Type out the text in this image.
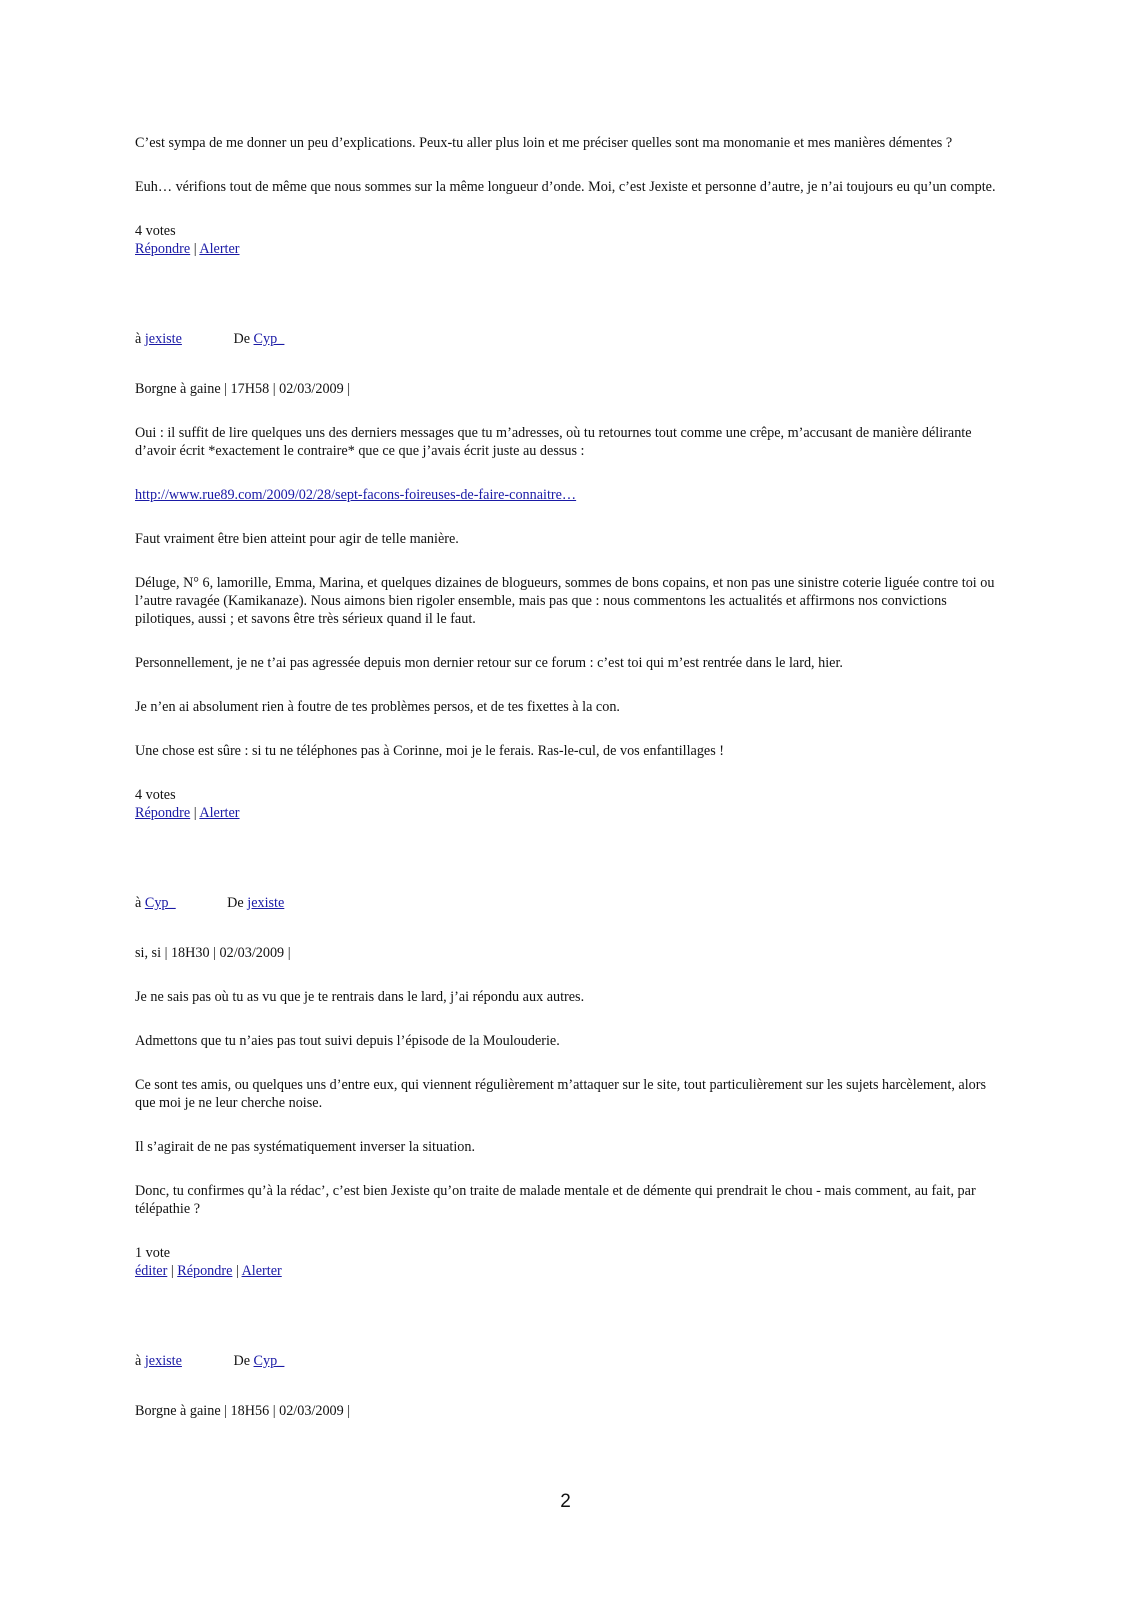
C’est sympa de me donner un peu d’explications. Peux-tu aller plus loin et me préciser quelles sont ma monomanie et mes manières démentes ?

Euh… vérifions tout de même que nous sommes sur la même longueur d’onde. Moi, c’est Jexiste et personne d’autre, je n’ai toujours eu qu’un compte.

4 votes
Répondre | Alerter
à jexiste	De Cyp_
Borgne à gaine | 17H58 | 02/03/2009 |

Oui : il suffit de lire quelques uns des derniers messages que tu m’adresses, où tu retournes tout comme une crêpe, m’accusant de manière délirante d’avoir écrit *exactement le contraire* que ce que j’avais écrit juste au dessus :

http://www.rue89.com/2009/02/28/sept-facons-foireuses-de-faire-connaitre…

Faut vraiment être bien atteint pour agir de telle manière.

Déluge, N° 6, lamorille, Emma, Marina, et quelques dizaines de blogueurs, sommes de bons copains, et non pas une sinistre coterie liguée contre toi ou l’autre ravagée (Kamikanaze). Nous aimons bien rigoler ensemble, mais pas que : nous commentons les actualités et affirmons nos convictions pilotiques, aussi ; et savons être très sérieux quand il le faut.

Personnellement, je ne t’ai pas agressée depuis mon dernier retour sur ce forum : c’est toi qui m’est rentrée dans le lard, hier.

Je n’en ai absolument rien à foutre de tes problèmes persos, et de tes fixettes à la con.

Une chose est sûre : si tu ne téléphones pas à Corinne, moi je le ferais. Ras-le-cul, de vos enfantillages !

4 votes
Répondre | Alerter
à Cyp_	De jexiste
si, si | 18H30 | 02/03/2009 |

Je ne sais pas où tu as vu que je te rentrais dans le lard, j’ai répondu aux autres.

Admettons que tu n’aies pas tout suivi depuis l’épisode de la Moulouderie.

Ce sont tes amis, ou quelques uns d’entre eux, qui viennent régulièrement m’attaquer sur le site, tout particulièrement sur les sujets harcèlement, alors que moi je ne leur cherche noise.

Il s’agirait de ne pas systématiquement inverser la situation.

Donc, tu confirmes qu’à la rédac’, c’est bien Jexiste qu’on traite de malade mentale et de démente qui prendrait le chou - mais comment, au fait, par télépathie ?

1 vote
éditer | Répondre | Alerter
à jexiste	De Cyp_
Borgne à gaine | 18H56 | 02/03/2009 |
2
